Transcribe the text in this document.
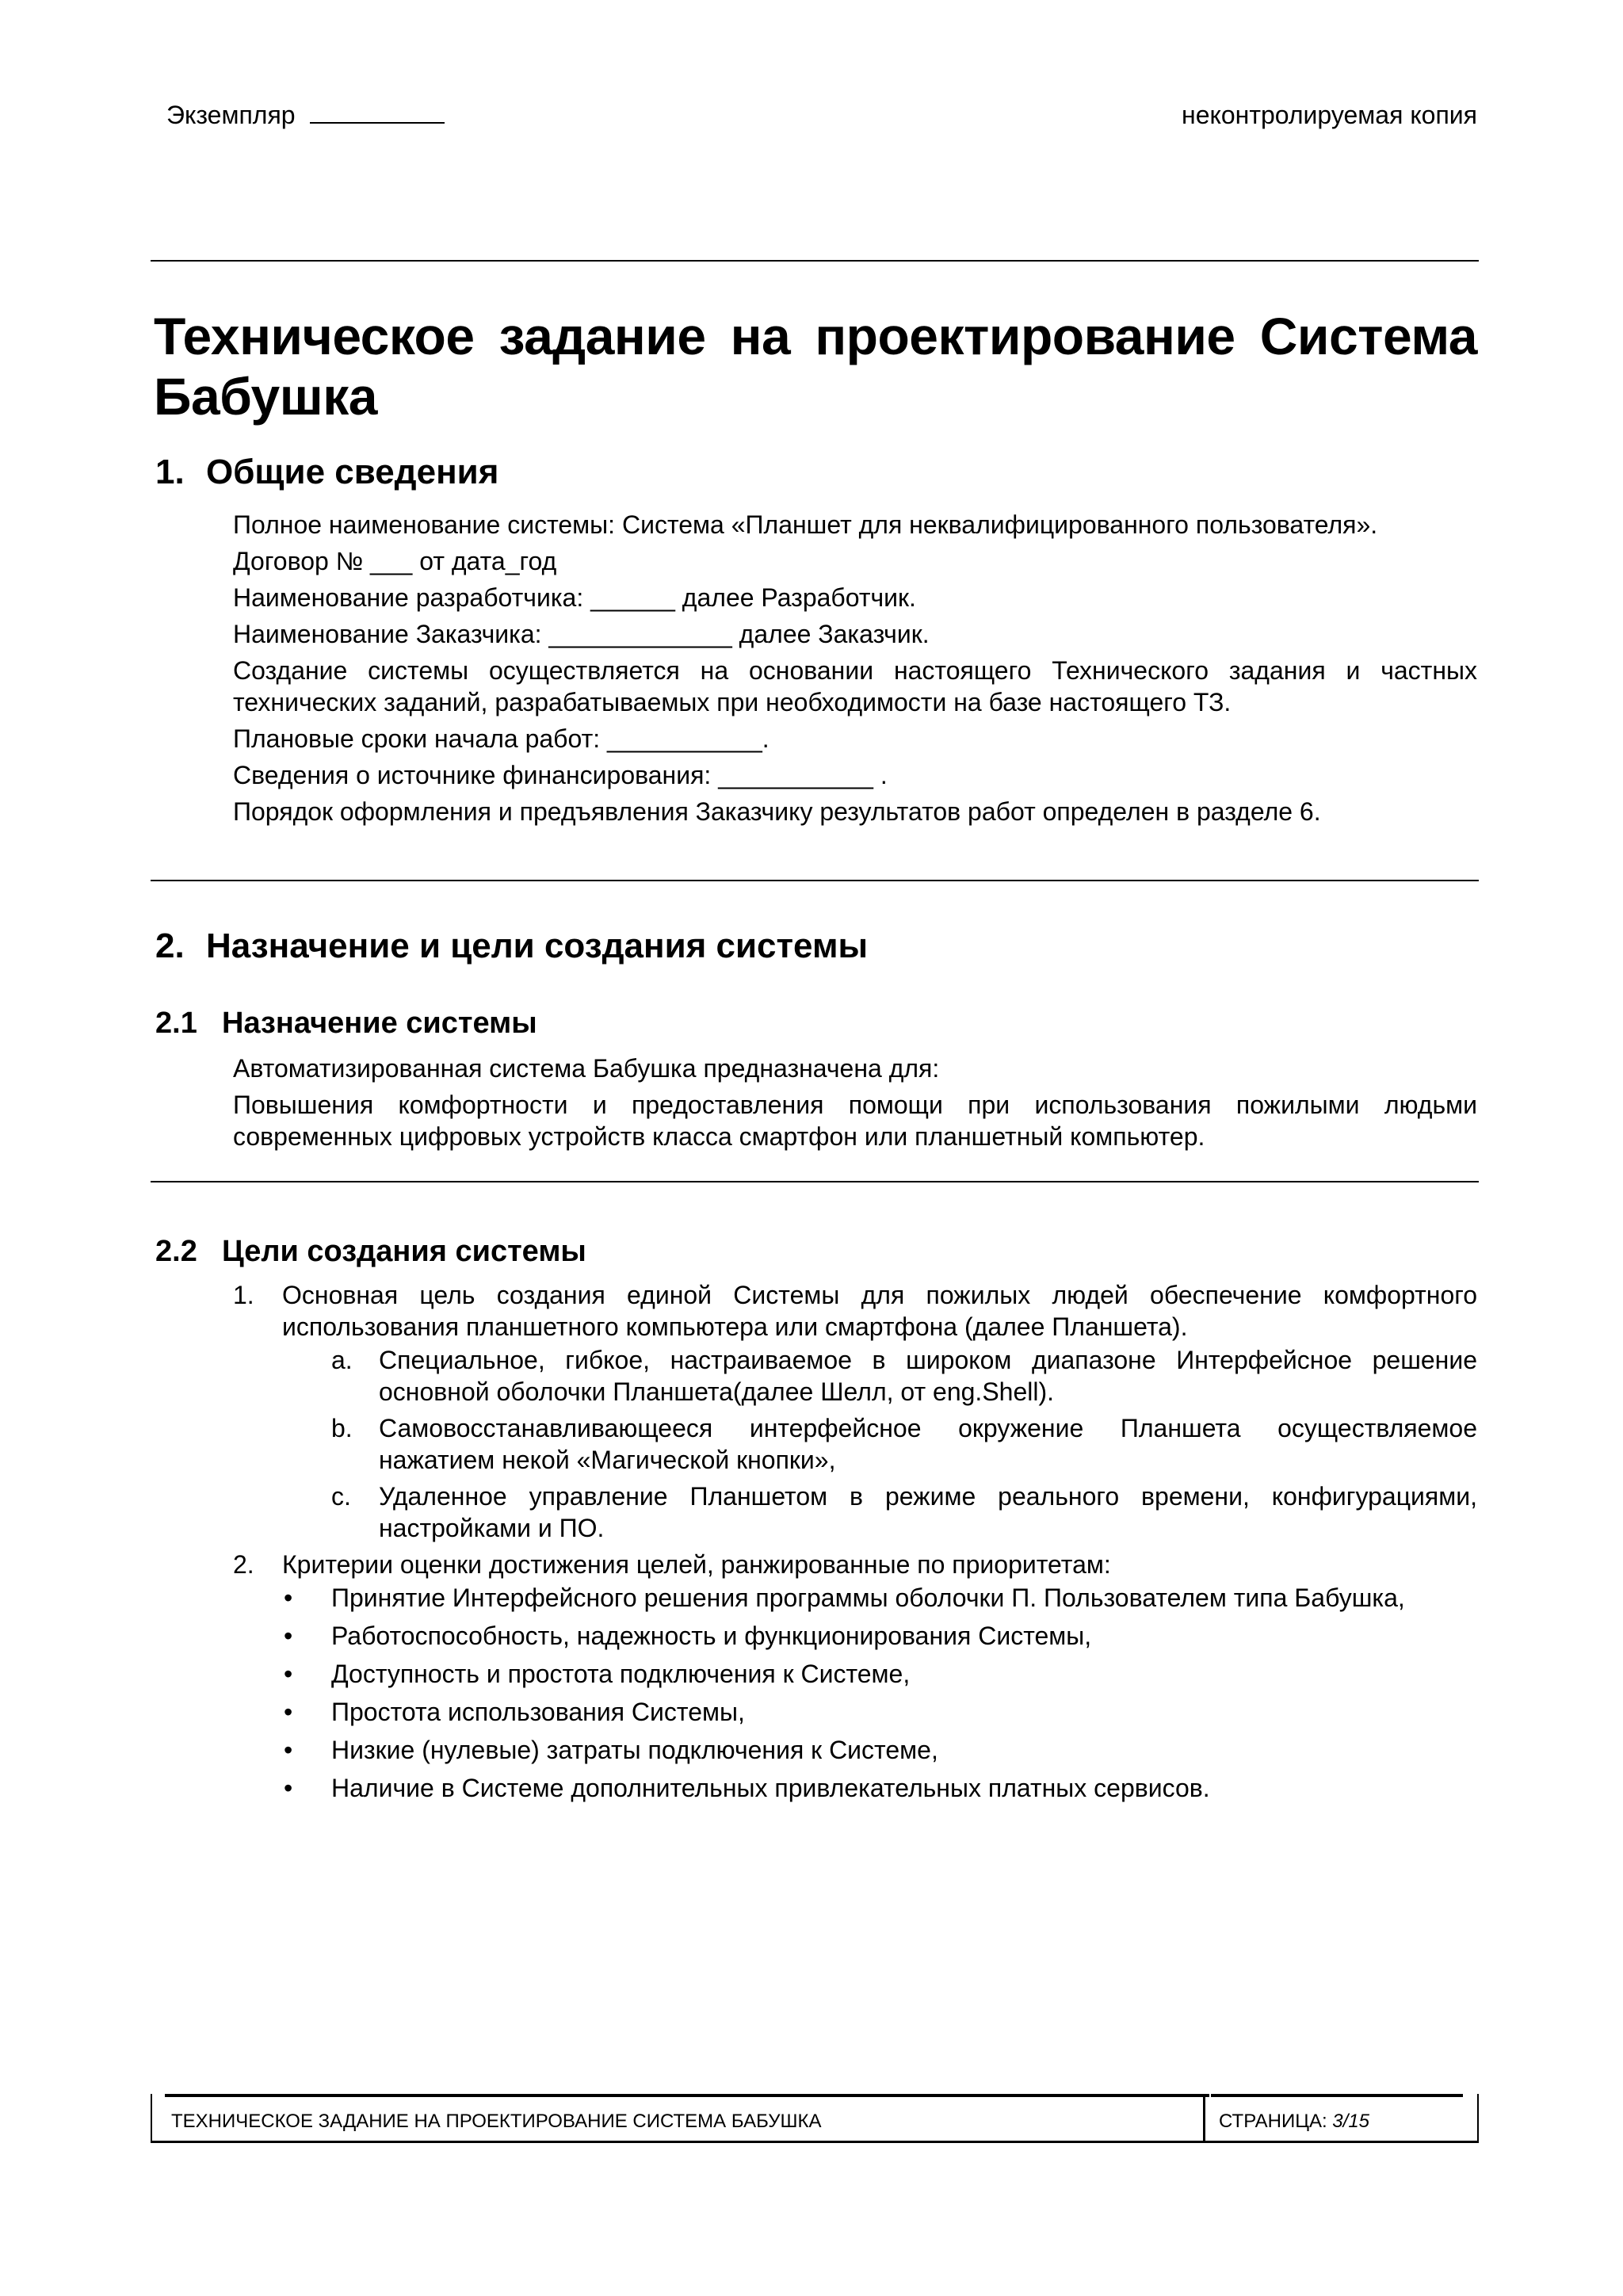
Экземпляр	неконтролируемая копия
Техническое задание на проектирование Система Бабушка
1. Общие сведения

Полное наименование системы: Система «Планшет для неквалифицированного пользователя».

Договор № ___ от дата_год

Наименование разработчика: ______ далее Разработчик.

Наименование Заказчика: _____________ далее Заказчик.

Создание системы осуществляется на основании настоящего Технического задания и частных технических заданий, разрабатываемых при необходимости на базе настоящего ТЗ.

Плановые сроки начала работ: ___________.

Сведения о источнике финансирования: ___________ .

Порядок оформления и предъявления Заказчику результатов работ определен в разделе 6.

2. Назначение и цели создания системы
2.1 Назначение системы

Автоматизированная система Бабушка предназначена для:

Повышения комфортности и предоставления помощи при использования пожилыми людьми современных цифровых устройств класса смартфон или планшетный компьютер.

2.2 Цели создания системы
1. Основная цель создания единой Системы для пожилых людей обеспечение комфортного использования планшетного компьютера или смартфона (далее Планшета).
a. Специальное, гибкое, настраиваемое в широком диапазоне Интерфейсное решение основной оболочки Планшета(далее Шелл, от eng.Shell).
b. Самовосстанавливающееся интерфейсное окружение Планшета осуществляемое нажатием некой «Магической кнопки»,
c. Удаленное управление Планшетом в режиме реального времени, конфигурациями, настройками и ПО.
2. Критерии оценки достижения целей, ранжированные по приоритетам:
• Принятие Интерфейсного решения программы оболочки П. Пользователем типа Бабушка,
• Работоспособность, надежность и функционирования Системы,
• Доступность и простота подключения к Системе,
• Простота использования Системы,
• Низкие (нулевые) затраты подключения к Системе,
• Наличие в Системе дополнительных привлекательных платных сервисов.
ТЕХНИЧЕСКОЕ ЗАДАНИЕ НА ПРОЕКТИРОВАНИЕ СИСТЕМА БАБУШКА	СТРАНИЦА: 3/15
